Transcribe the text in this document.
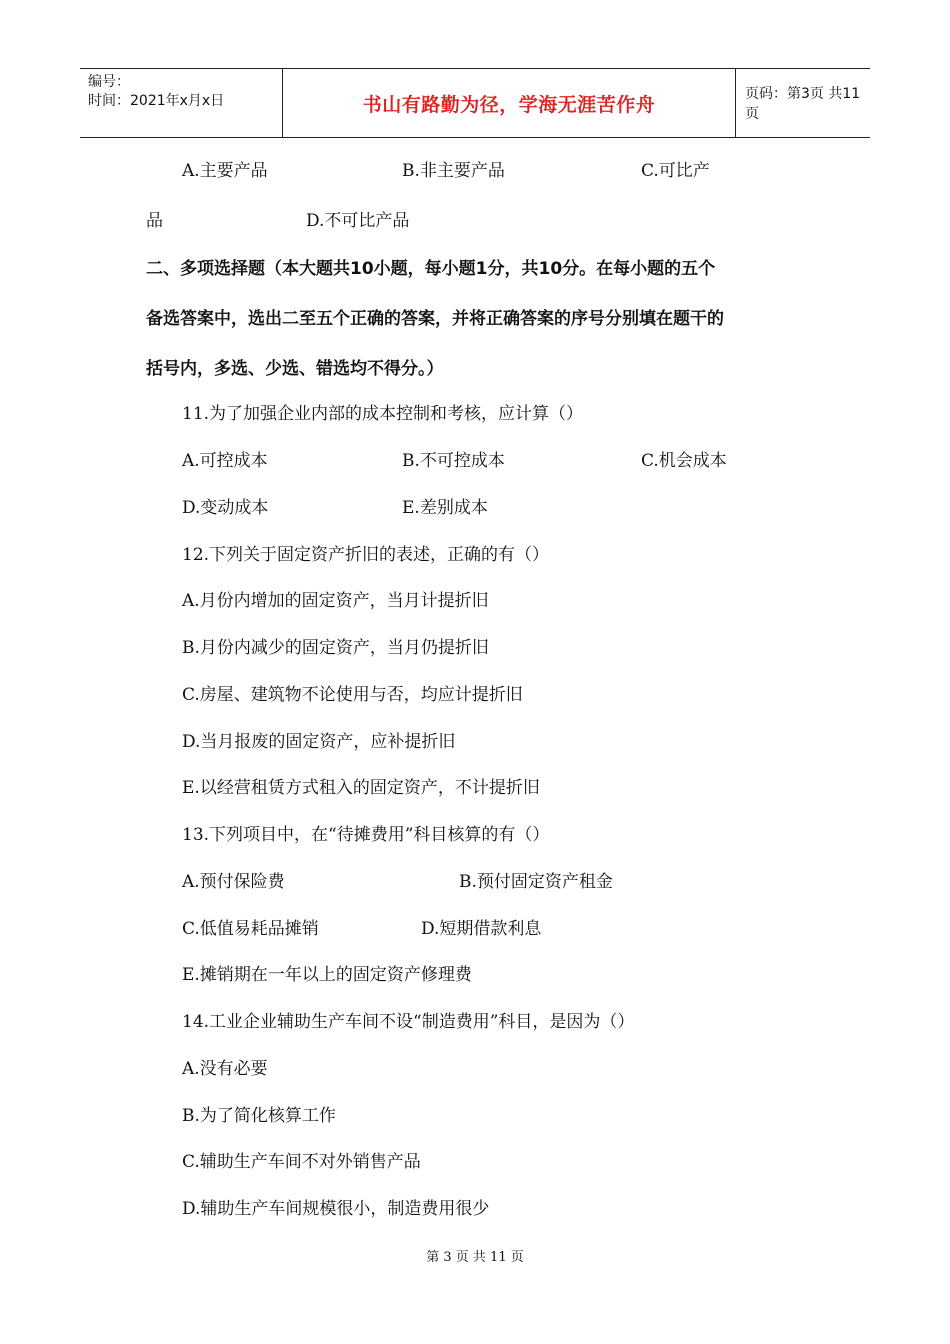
编号：
时间：2021年x月x日	书山有路勤为径，学海无涯苦作舟	页码：第3页 共11页
A.主要产品	B.非主要产品	C.可比产
品	D.不可比产品
二、多项选择题（本大题共10小题，每小题1分，共10分。在每小题的五个
备选答案中，选出二至五个正确的答案，并将正确答案的序号分别填在题干的
括号内，多选、少选、错选均不得分。）
11.为了加强企业内部的成本控制和考核，应计算（）
A.可控成本	B.不可控成本	C.机会成本
D.变动成本	E.差别成本
12.下列关于固定资产折旧的表述，正确的有（）
A.月份内增加的固定资产，当月计提折旧
B.月份内减少的固定资产，当月仍提折旧
C.房屋、建筑物不论使用与否，均应计提折旧
D.当月报废的固定资产，应补提折旧
E.以经营租赁方式租入的固定资产，不计提折旧
13.下列项目中，在“待摊费用”科目核算的有（）
A.预付保险费	B.预付固定资产租金
C.低值易耗品摊销	D.短期借款利息
E.摊销期在一年以上的固定资产修理费
14.工业企业辅助生产车间不设“制造费用”科目，是因为（）
A.没有必要
B.为了简化核算工作
C.辅助生产车间不对外销售产品
D.辅助生产车间规模很小，制造费用很少
第 3 页 共 11 页
